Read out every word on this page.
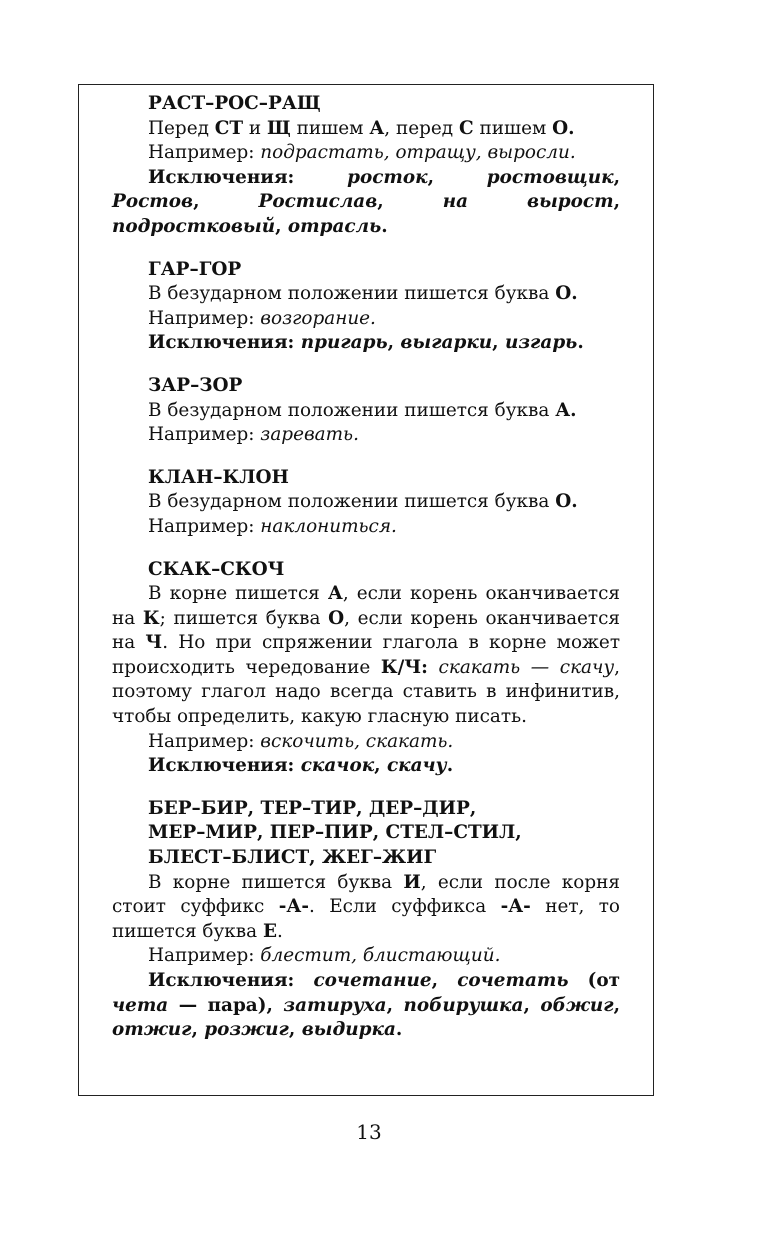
РАСТ–РОС–РАЩ
Перед СТ и Щ пишем А, перед С пишем О.
Например: подрастать, отращу, выросли.
Исключения: росток, ростовщик, Ростов, Ростислав, на вырост, подростковый, отрасль.
ГАР–ГОР
В безударном положении пишется буква О.
Например: возгорание.
Исключения: пригарь, выгарки, изгарь.
ЗАР–ЗОР
В безударном положении пишется буква А.
Например: заревать.
КЛАН–КЛОН
В безударном положении пишется буква О.
Например: наклониться.
СКАК–СКОЧ
В корне пишется А, если корень оканчивается на К; пишется буква О, если корень оканчивается на Ч. Но при спряжении глагола в корне может происходить чередование К/Ч: скакать — скачу, поэтому глагол надо всегда ставить в инфинитив, чтобы определить, какую гласную писать.
Например: вскочить, скакать.
Исключения: скачок, скачу.
БЕР–БИР, ТЕР–ТИР, ДЕР–ДИР,
МЕР–МИР, ПЕР–ПИР, СТЕЛ–СТИЛ,
БЛЕСТ–БЛИСТ, ЖЕГ–ЖИГ
В корне пишется буква И, если после корня стоит суффикс -А-. Если суффикса -А- нет, то пишется буква Е.
Например: блестит, блистающий.
Исключения: сочетание, сочетать (от чета — пара), затируха, побирушка, обжиг, отжиг, розжиг, выдирка.
13
